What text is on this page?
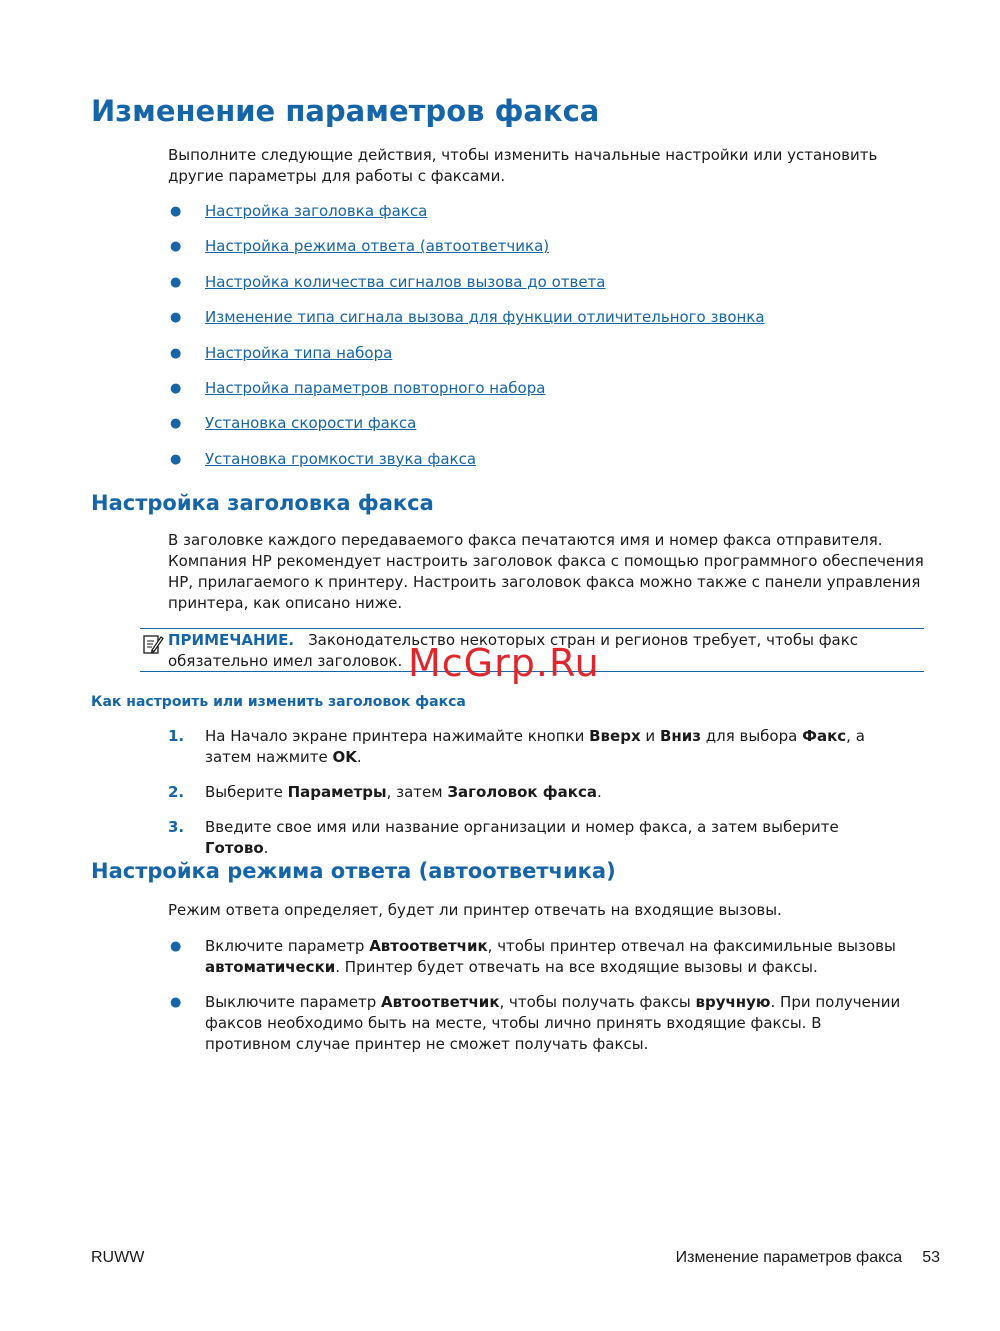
Изменение параметров факса

Выполните следующие действия, чтобы изменить начальные настройки или установить другие параметры для работы с факсами.

● Настройка заголовка факса
● Настройка режима ответа (автоответчика)
● Настройка количества сигналов вызова до ответа
● Изменение типа сигнала вызова для функции отличительного звонка
● Настройка типа набора
● Настройка параметров повторного набора
● Установка скорости факса
● Установка громкости звука факса
Настройка заголовка факса

В заголовке каждого передаваемого факса печатаются имя и номер факса отправителя. Компания HP рекомендует настроить заголовок факса с помощью программного обеспечения HP, прилагаемого к принтеру. Настроить заголовок факса можно также с панели управления принтера, как описано ниже.

ПРИМЕЧАНИЕ. Законодательство некоторых стран и регионов требует, чтобы факс обязательно имел заголовок. McGrp.Ru
Как настроить или изменить заголовок факса
1. На Начало экране принтера нажимайте кнопки Вверх и Вниз для выбора Факс, а затем нажмите OK.
2. Выберите Параметры, затем Заголовок факса.
3. Введите свое имя или название организации и номер факса, а затем выберите Готово.
Настройка режима ответа (автоответчика)

Режим ответа определяет, будет ли принтер отвечать на входящие вызовы.

● Включите параметр Автоответчик, чтобы принтер отвечал на факсимильные вызовы автоматически. Принтер будет отвечать на все входящие вызовы и факсы.
● Выключите параметр Автоответчик, чтобы получать факсы вручную. При получении факсов необходимо быть на месте, чтобы лично принять входящие факсы. В противном случае принтер не сможет получать факсы.
RUWW	Изменение параметров факса 53
